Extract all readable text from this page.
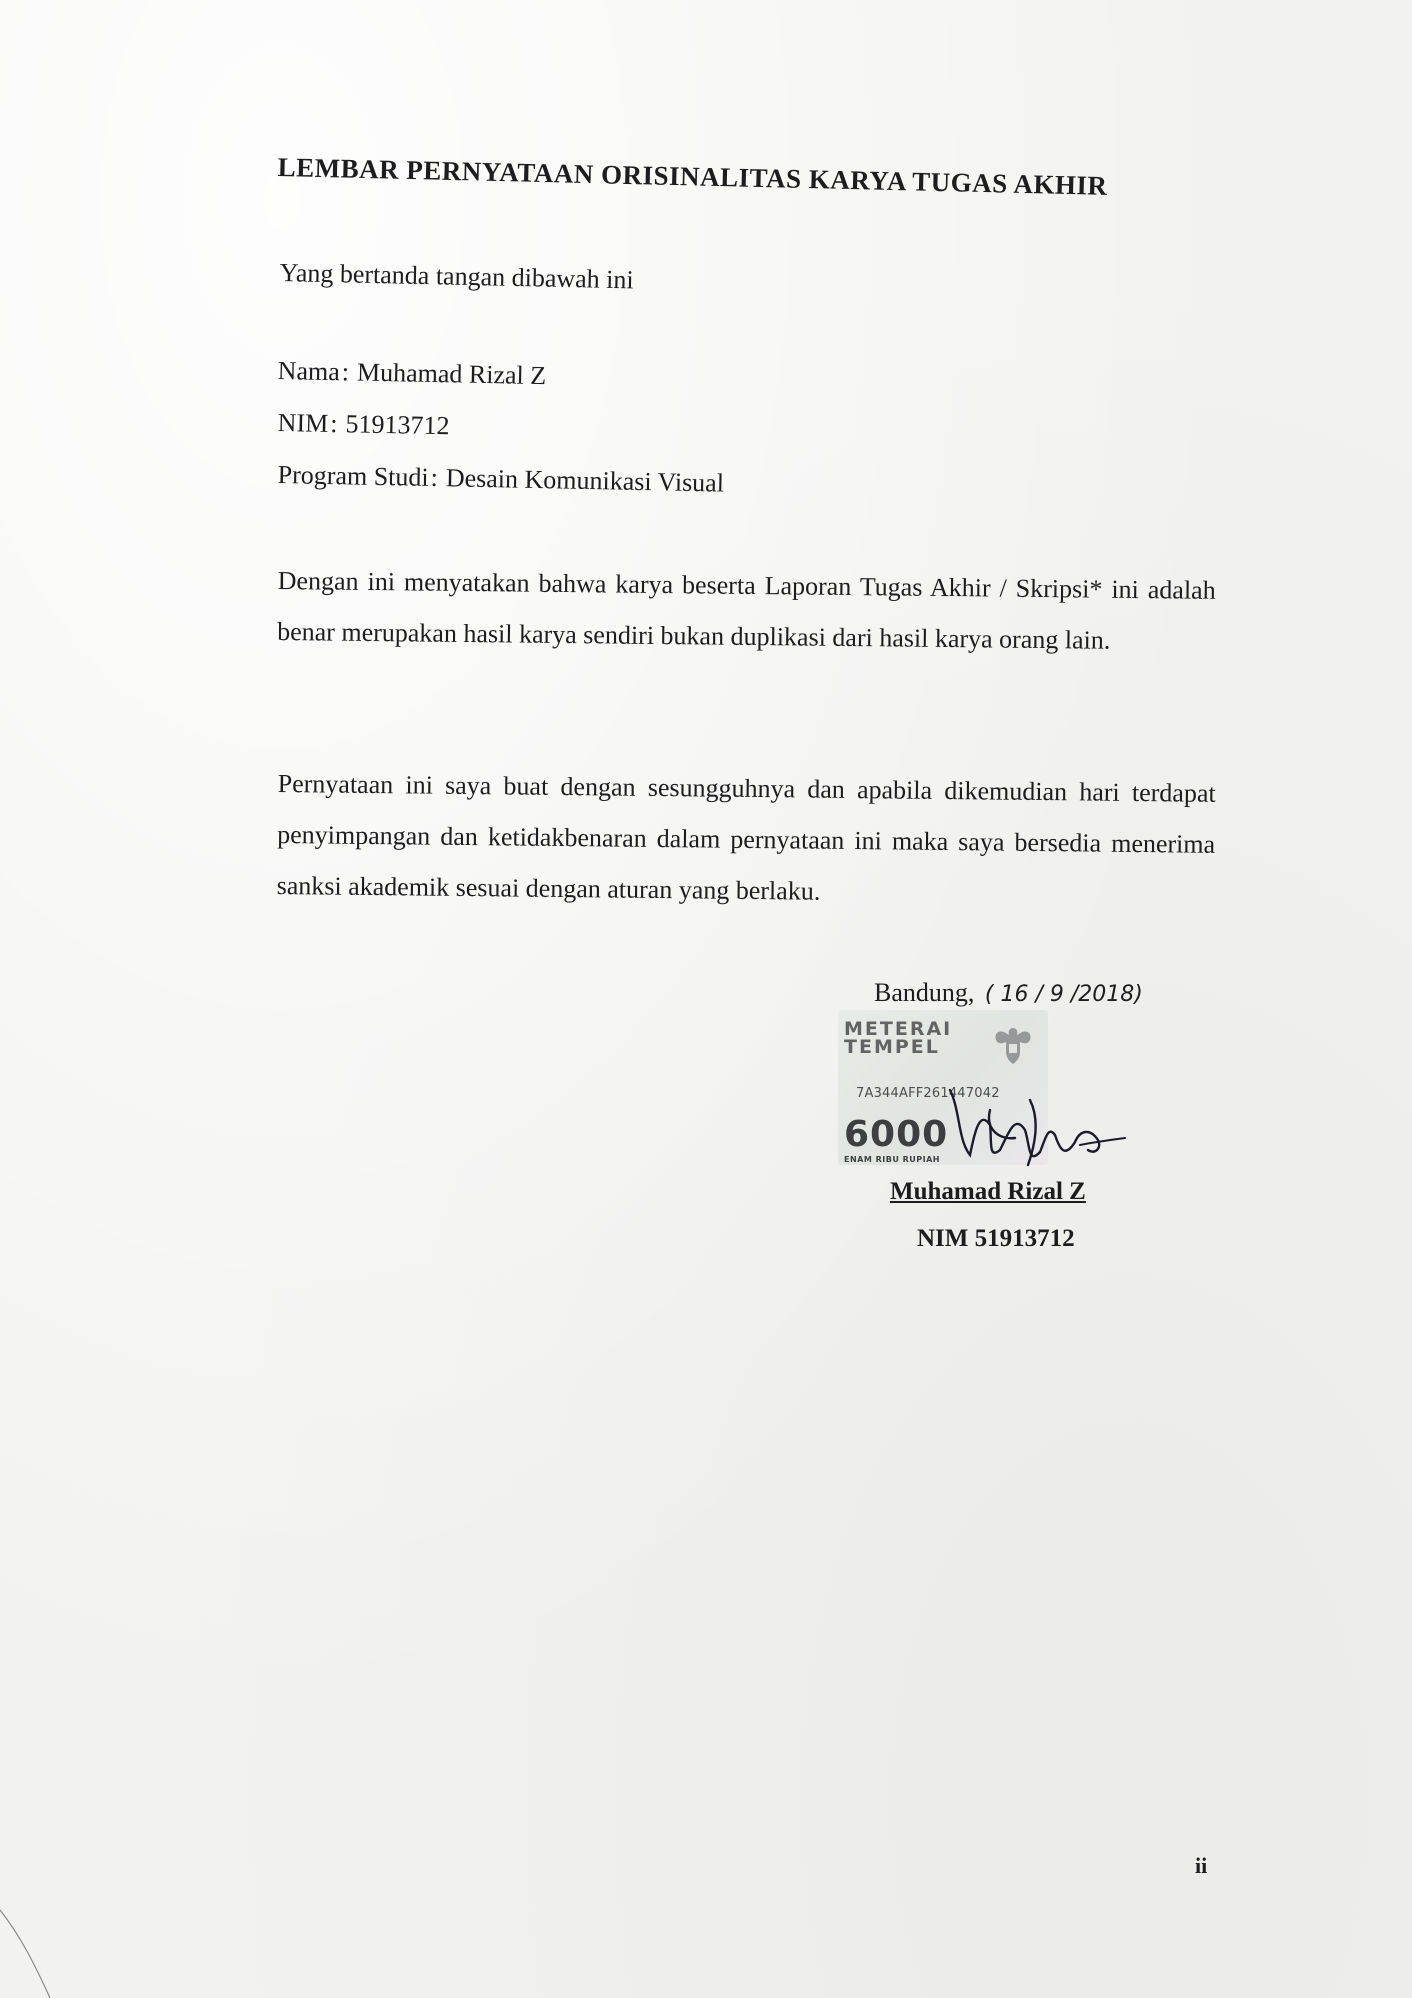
LEMBAR PERNYATAAN ORISINALITAS KARYA TUGAS AKHIR
Yang bertanda tangan dibawah ini
Nama: Muhamad Rizal Z
NIM: 51913712
Program Studi: Desain Komunikasi Visual
Dengan ini menyatakan bahwa karya beserta Laporan Tugas Akhir / Skripsi* ini adalah benar merupakan hasil karya sendiri bukan duplikasi dari hasil karya orang lain.
Pernyataan ini saya buat dengan sesungguhnya dan apabila dikemudian hari terdapat penyimpangan dan ketidakbenaran dalam pernyataan ini maka saya bersedia menerima sanksi akademik sesuai dengan aturan yang berlaku.
Bandung, ( 16 / 9 /2018)
METERAI
TEMPEL
7A344AFF261447042
6000
ENAM RIBU RUPIAH
Muhamad Rizal Z
NIM 51913712
ii
